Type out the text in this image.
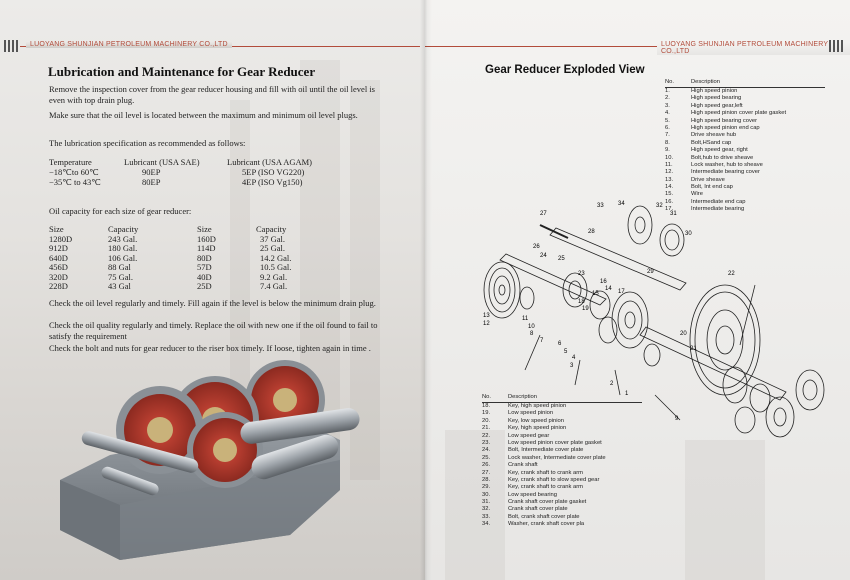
LUOYANG SHUNJIAN PETROLEUM MACHINERY CO.,LTD
Lubrication and Maintenance for Gear Reducer

Remove the inspection cover from the gear reducer housing and fill with oil until the oil level is even with top drain plug.

Make sure that the oil level is located between the maximum and minimum oil level plugs.

The lubrication specification as recommended as follows:

Temperature	Lubricant (USA SAE)	Lubricant (USA AGAM)
−18℃to 60℃	90EP	5EP (ISO VG220)
−35℃ to 43℃	80EP	4EP (ISO Vg150)

Oil capacity for each size of gear reducer:

Size	Capacity	Size	Capacity
1280D	243 Gal.	160D	37 Gal.
912D	180 Gal.	114D	25 Gal.
640D	106 Gal.	80D	14.2 Gal.
456D	88 Gal	57D	10.5 Gal.
320D	75 Gal.	40D	9.2 Gal.
228D	43 Gal	25D	7.4 Gal.

Check the oil level regularly and timely. Fill again if the level is below the minimum drain plug.

Check the oil quality regularly and timely. Replace the oil with new one if the oil found to fail to satisfy the requirement

Check the bolt and nuts for gear reducer to the riser box timely. If loose, tighten again in time .

LUOYANG SHUNJIAN PETROLEUM MACHINERY CO.,LTD
Gear Reducer Exploded View
No.	Description
1.	High speed pinion
2.	High speed bearing
3.	High speed gear,left
4.	High speed pinion cover plate gasket
5.	High speed bearing cover
6.	High speed pinion end cap
7.	Drive sheave hub
8.	Bolt,HSand cap
9.	High speed gear, right
10.	Bolt,hub to drive sheave
11.	Lock washer, hub to sheave
12.	Intermediate bearing cover
13.	Drive sheave
14.	Bolt, Int end cap
15.	Wire
16.	Intermediate end cap
17.	Intermediate bearing
27
33 34	32
31
28	30
26
24 25
29	22
23
16
14
15	17
18
19
13
12
11
10
8
7 6
5
4
3
2
1
20
21
9
No.	Description
18.	Key, high speed pinion
19.	Low speed pinion
20.	Key, low speed pinion
21.	Key, high speed pinion
22.	Low speed gear
23.	Low speed pinion cover plate gasket
24.	Bolt, Intermediate cover plate
25.	Lock washer, Intermediate cover plate
26.	Crank shaft
27.	Key, crank shaft to crank arm
28.	Key, crank shaft to slow speed gear
29.	Key, crank shaft to crank arm
30.	Low speed bearing
31.	Crank shaft cover plate gasket
32.	Crank shaft cover plate
33.	Bolt, crank shaft cover plate
34.	Washer, crank shaft cover pla
